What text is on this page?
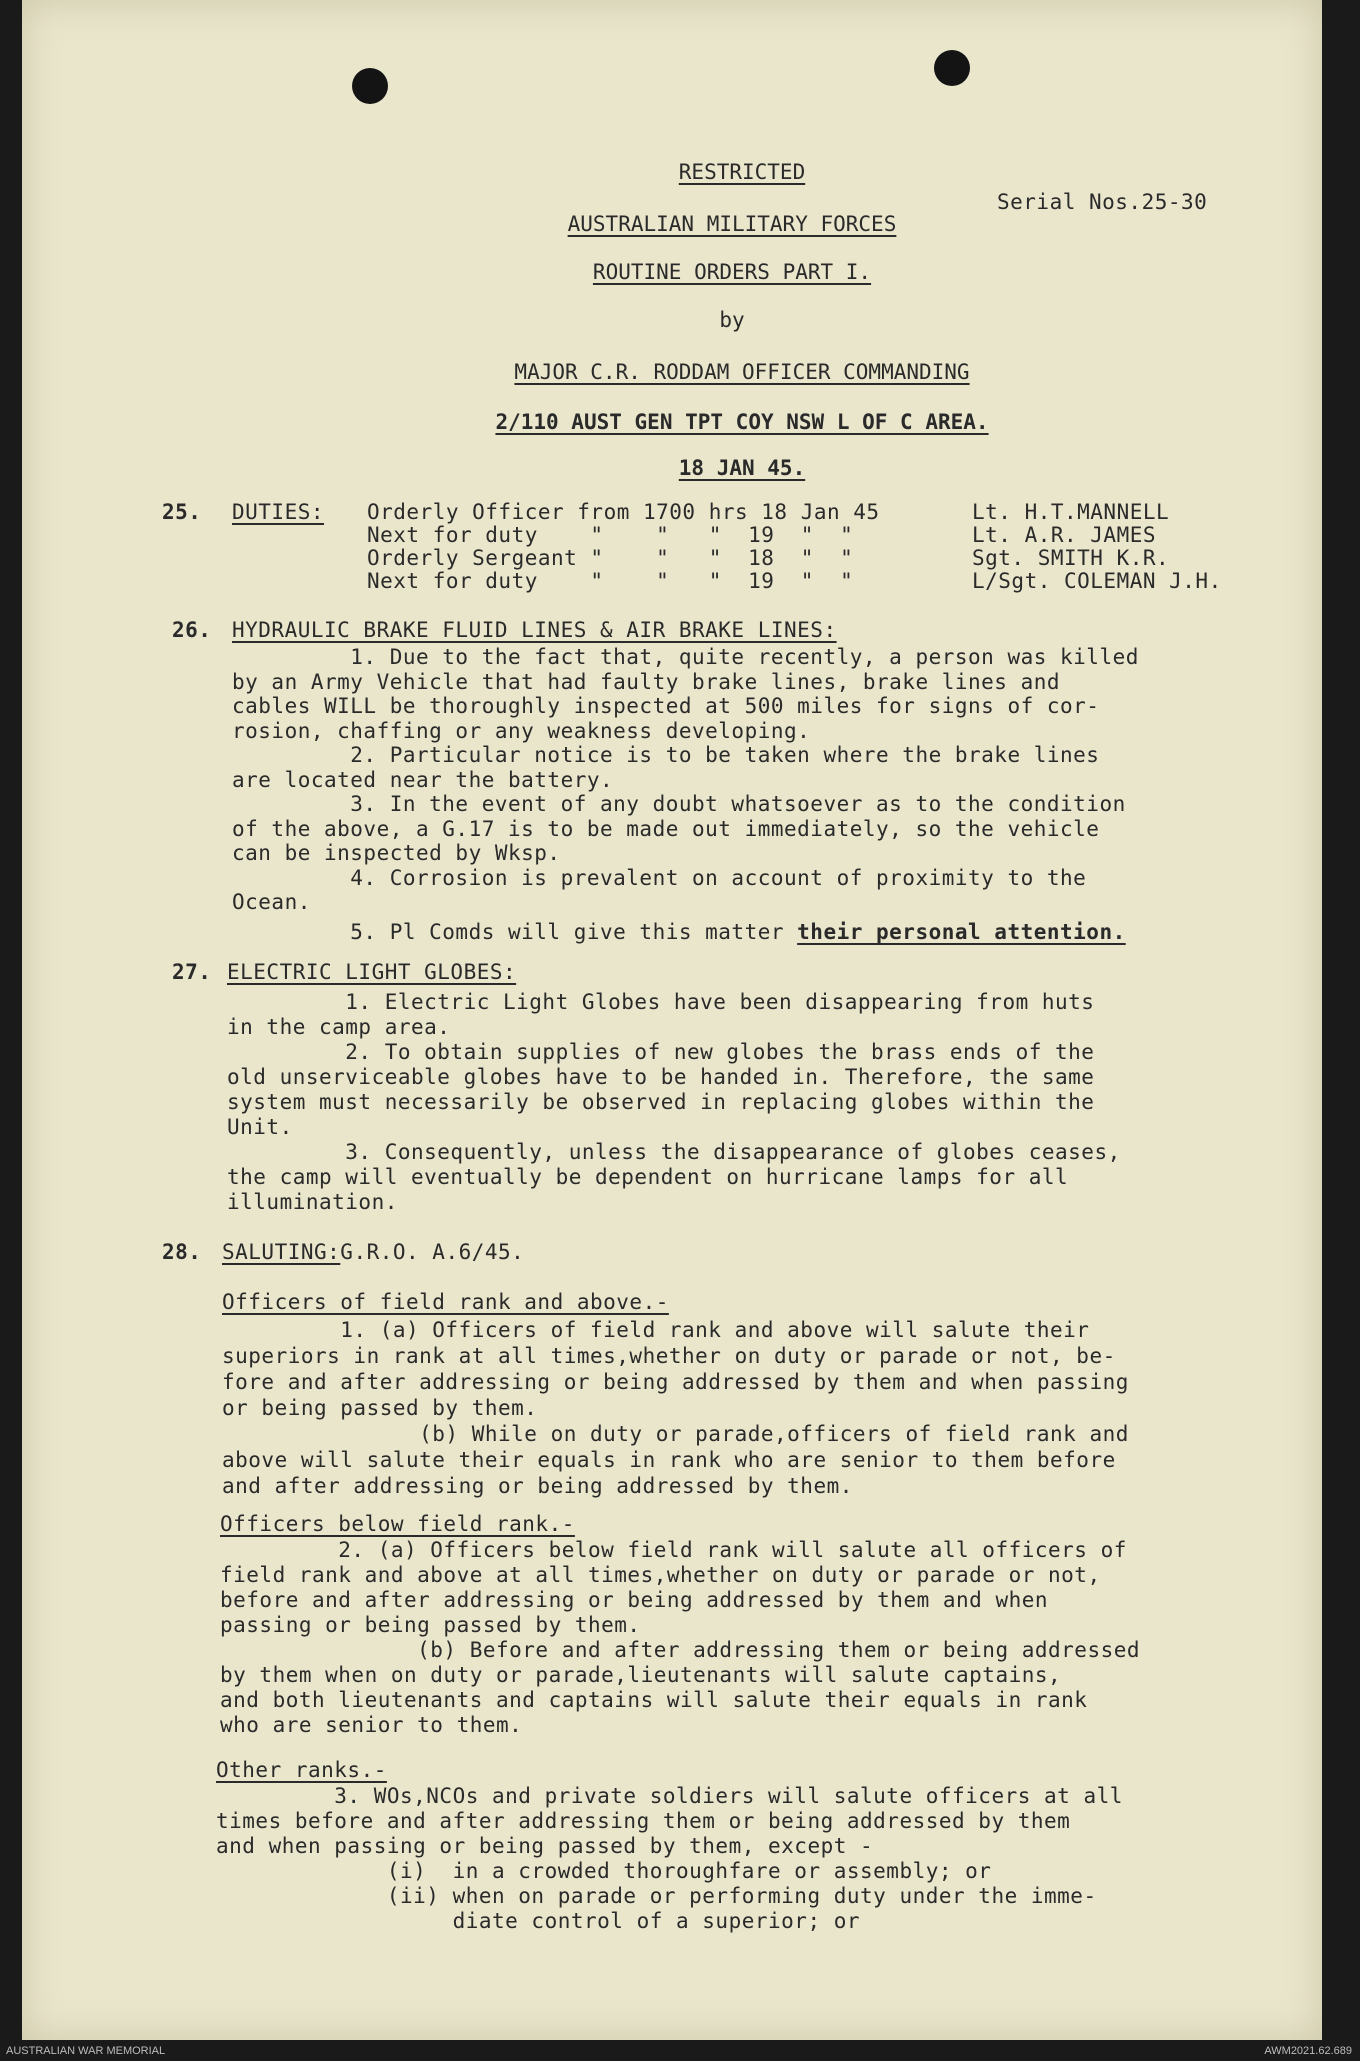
RESTRICTED
Serial Nos.25-30
AUSTRALIAN MILITARY FORCES
ROUTINE ORDERS PART I.
by
MAJOR C.R. RODDAM OFFICER COMMANDING
2/110 AUST GEN TPT COY NSW L OF C AREA.
18 JAN 45.
25. DUTIES: Orderly Officer from 1700 hrs 18 Jan 45	Lt. H.T.MANNELL
Next for duty    "    "   "  19  "  "	Lt. A.R. JAMES
Orderly Sergeant "    "   "  18  "  "	Sgt. SMITH K.R.
Next for duty    "    "   "  19  "  "	L/Sgt. COLEMAN J.H.
26. HYDRAULIC BRAKE FLUID LINES & AIR BRAKE LINES:
1. Due to the fact that, quite recently, a person was killed
by an Army Vehicle that had faulty brake lines, brake lines and
cables WILL be thoroughly inspected at 500 miles for signs of cor-
rosion, chaffing or any weakness developing.
2. Particular notice is to be taken where the brake lines
are located near the battery.
3. In the event of any doubt whatsoever as to the condition
of the above, a G.17 is to be made out immediately, so the vehicle
can be inspected by Wksp.
4. Corrosion is prevalent on account of proximity to the
Ocean.
5. Pl Comds will give this matter their personal attention.
27. ELECTRIC LIGHT GLOBES:
1. Electric Light Globes have been disappearing from huts
in the camp area.
2. To obtain supplies of new globes the brass ends of the
old unserviceable globes have to be handed in. Therefore, the same
system must necessarily be observed in replacing globes within the
Unit.
3. Consequently, unless the disappearance of globes ceases,
the camp will eventually be dependent on hurricane lamps for all
illumination.
28. SALUTING:G.R.O. A.6/45.
Officers of field rank and above.-
1. (a) Officers of field rank and above will salute their
superiors in rank at all times,whether on duty or parade or not, be-
fore and after addressing or being addressed by them and when passing
or being passed by them.
(b) While on duty or parade,officers of field rank and
above will salute their equals in rank who are senior to them before
and after addressing or being addressed by them.
Officers below field rank.-
2. (a) Officers below field rank will salute all officers of
field rank and above at all times,whether on duty or parade or not,
before and after addressing or being addressed by them and when
passing or being passed by them.
(b) Before and after addressing them or being addressed
by them when on duty or parade,lieutenants will salute captains,
and both lieutenants and captains will salute their equals in rank
who are senior to them.
Other ranks.-
3. WOs,NCOs and private soldiers will salute officers at all
times before and after addressing them or being addressed by them
and when passing or being passed by them, except -
(i)  in a crowded thoroughfare or assembly; or
(ii) when on parade or performing duty under the imme-
diate control of a superior; or
AUSTRALIAN WAR MEMORIAL	AWM2021.62.689
